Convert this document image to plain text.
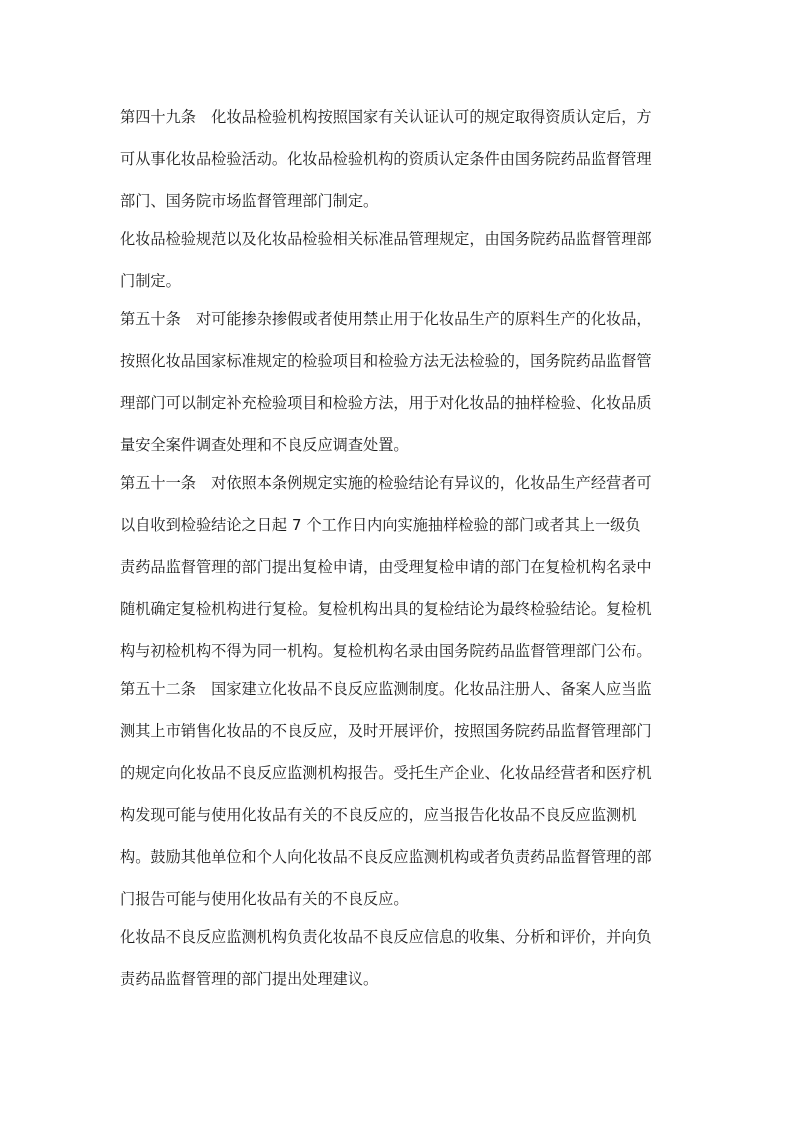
第四十九条　化妆品检验机构按照国家有关认证认可的规定取得资质认定后，方
可从事化妆品检验活动。化妆品检验机构的资质认定条件由国务院药品监督管理
部门、国务院市场监督管理部门制定。
化妆品检验规范以及化妆品检验相关标准品管理规定，由国务院药品监督管理部
门制定。
第五十条　对可能掺杂掺假或者使用禁止用于化妆品生产的原料生产的化妆品，
按照化妆品国家标准规定的检验项目和检验方法无法检验的，国务院药品监督管
理部门可以制定补充检验项目和检验方法，用于对化妆品的抽样检验、化妆品质
量安全案件调查处理和不良反应调查处置。
第五十一条　对依照本条例规定实施的检验结论有异议的，化妆品生产经营者可
以自收到检验结论之日起 7 个工作日内向实施抽样检验的部门或者其上一级负
责药品监督管理的部门提出复检申请，由受理复检申请的部门在复检机构名录中
随机确定复检机构进行复检。复检机构出具的复检结论为最终检验结论。复检机
构与初检机构不得为同一机构。复检机构名录由国务院药品监督管理部门公布。
第五十二条　国家建立化妆品不良反应监测制度。化妆品注册人、备案人应当监
测其上市销售化妆品的不良反应，及时开展评价，按照国务院药品监督管理部门
的规定向化妆品不良反应监测机构报告。受托生产企业、化妆品经营者和医疗机
构发现可能与使用化妆品有关的不良反应的，应当报告化妆品不良反应监测机
构。鼓励其他单位和个人向化妆品不良反应监测机构或者负责药品监督管理的部
门报告可能与使用化妆品有关的不良反应。
化妆品不良反应监测机构负责化妆品不良反应信息的收集、分析和评价，并向负
责药品监督管理的部门提出处理建议。
